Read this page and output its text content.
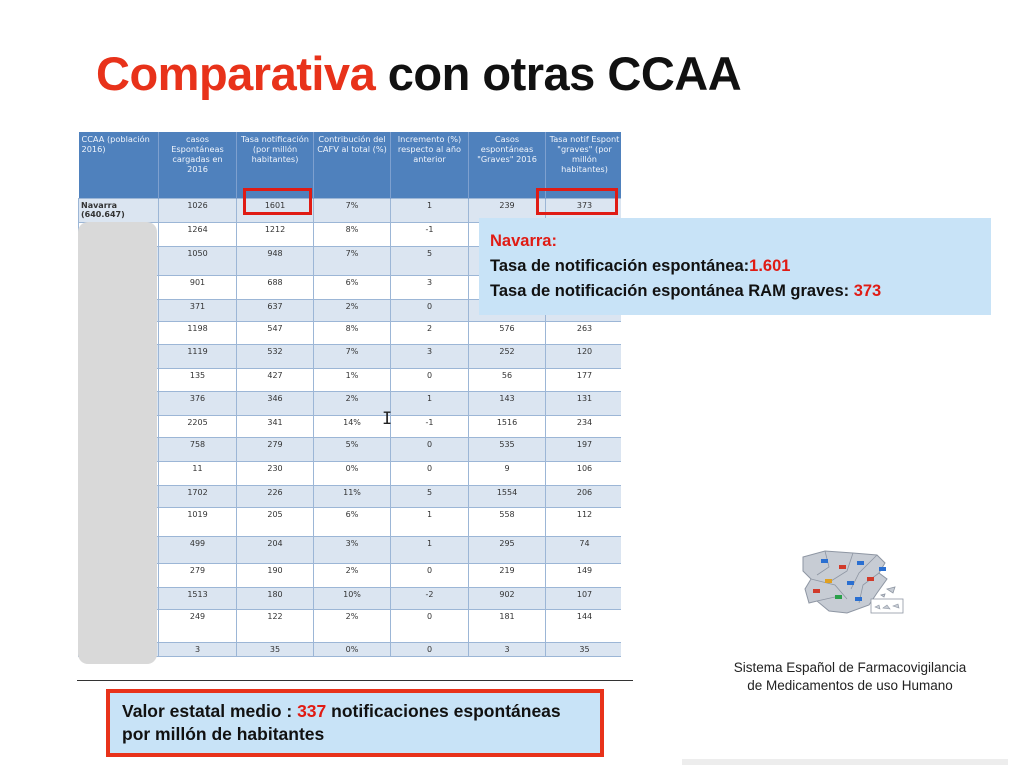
Comparativa con otras CCAA
CCAA (población 2016)	casos Espontáneas cargadas en 2016	Tasa notificación (por millón habitantes)	Contribución del CAFV al total (%)	Incremento (%) respecto al año anterior	Casos espontáneas "Graves" 2016	Tasa notif Espont "graves" (por millón habitantes)
Navarra (640.647)	1026	1601	7%	1	239	373
	1264	1212	8%	-1		
	1050	948	7%	5		
	901	688	6%	3		
	371	637	2%	0		
	1198	547	8%	2	576	263
	1119	532	7%	3	252	120
	135	427	1%	0	56	177
	376	346	2%	1	143	131
	2205	341	14%	-1	1516	234
	758	279	5%	0	535	197
	11	230	0%	0	9	106
	1702	226	11%	5	1554	206
	1019	205	6%	1	558	112
	499	204	3%	1	295	74
	279	190	2%	0	219	149
	1513	180	10%	-2	902	107
	249	122	2%	0	181	144
	3	35	0%	0	3	35
I
Navarra:
Tasa de notificación espontánea:1.601
Tasa de notificación espontánea RAM graves: 373
Sistema Español de Farmacovigilancia
de Medicamentos de uso Humano
Valor estatal medio : 337 notificaciones espontáneas por millón de habitantes
